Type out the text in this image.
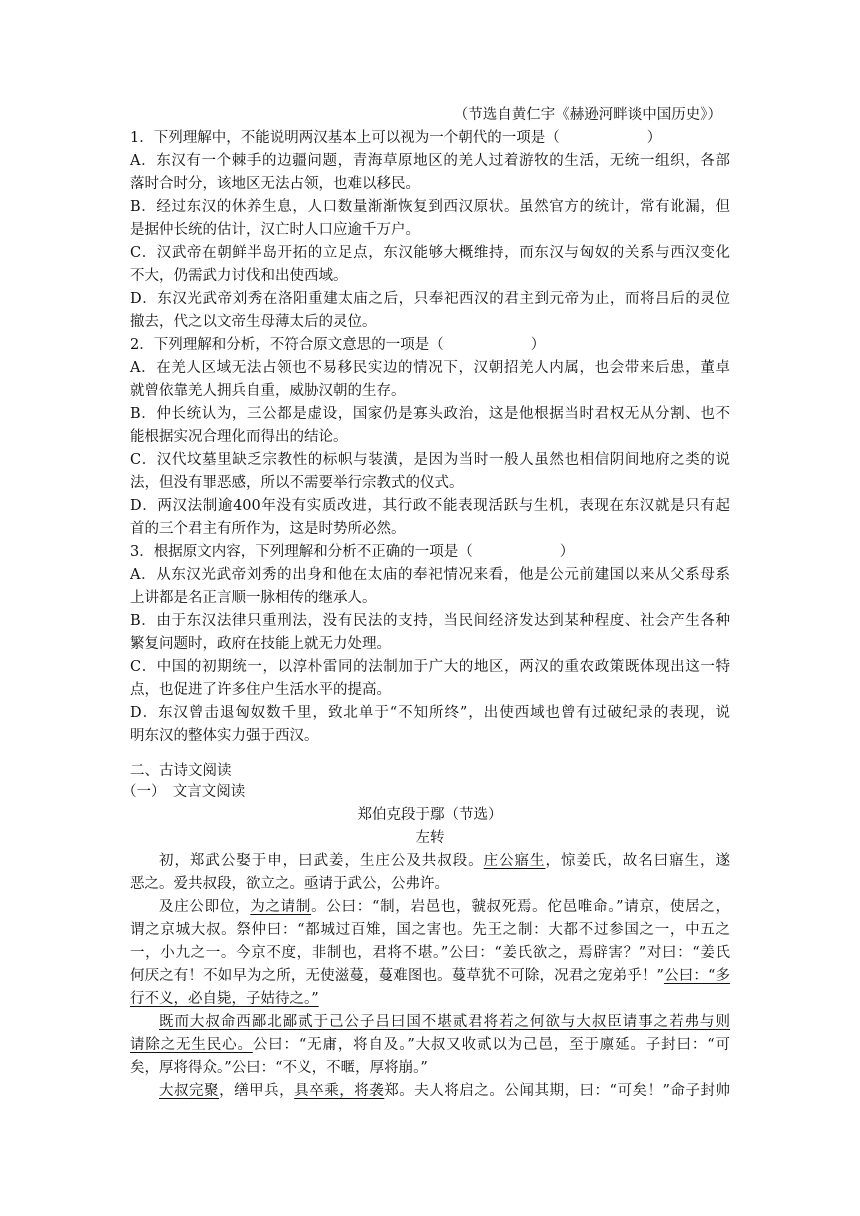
（节选自黄仁宇《赫逊河畔谈中国历史》）
1．下列理解中，不能说明两汉基本上可以视为一个朝代的一项是（　　　　　　）
A．东汉有一个棘手的边疆问题，青海草原地区的羌人过着游牧的生活，无统一组织，各部
落时合时分，该地区无法占领，也难以移民。
B．经过东汉的休养生息，人口数量渐渐恢复到西汉原状。虽然官方的统计，常有讹漏，但
是据仲长统的估计，汉亡时人口应逾千万户。
C．汉武帝在朝鲜半岛开拓的立足点，东汉能够大概维持，而东汉与匈奴的关系与西汉变化
不大，仍需武力讨伐和出使西域。
D．东汉光武帝刘秀在洛阳重建太庙之后，只奉祀西汉的君主到元帝为止，而将吕后的灵位
撤去，代之以文帝生母薄太后的灵位。
2．下列理解和分析，不符合原文意思的一项是（　　　　　　）
A．在羌人区域无法占领也不易移民实边的情况下，汉朝招羌人内属，也会带来后患，董卓
就曾依靠羌人拥兵自重，威胁汉朝的生存。
B．仲长统认为，三公都是虚设，国家仍是寡头政治，这是他根据当时君权无从分割、也不
能根据实况合理化而得出的结论。
C．汉代坟墓里缺乏宗教性的标帜与装潢，是因为当时一般人虽然也相信阴间地府之类的说
法，但没有罪恶感，所以不需要举行宗教式的仪式。
D．两汉法制逾400年没有实质改进，其行政不能表现活跃与生机，表现在东汉就是只有起
首的三个君主有所作为，这是时势所必然。
3．根据原文内容，下列理解和分析不正确的一项是（　　　　　　）
A．从东汉光武帝刘秀的出身和他在太庙的奉祀情况来看，他是公元前建国以来从父系母系
上讲都是名正言顺一脉相传的继承人。
B．由于东汉法律只重刑法，没有民法的支持，当民间经济发达到某种程度、社会产生各种
繁复问题时，政府在技能上就无力处理。
C．中国的初期统一，以淳朴雷同的法制加于广大的地区，两汉的重农政策既体现出这一特
点，也促进了许多住户生活水平的提高。
D．东汉曾击退匈奴数千里，致北单于“不知所终”，出使西域也曾有过破纪录的表现，说
明东汉的整体实力强于西汉。
二、古诗文阅读
（一）　文言文阅读
郑伯克段于鄢（节选）
左转
初，郑武公娶于申，曰武姜，生庄公及共叔段。庄公寤生，惊姜氏，故名曰寤生，遂
恶之。爱共叔段，欲立之。亟请于武公，公弗许。
及庄公即位，为之请制。公曰：“制，岩邑也，虢叔死焉。佗邑唯命。”请京，使居之，
谓之京城大叔。祭仲曰：“都城过百雉，国之害也。先王之制：大都不过参国之一，中五之
一，小九之一。今京不度，非制也，君将不堪。”公曰：“姜氏欲之，焉辟害？”对曰：“姜氏
何厌之有！不如早为之所，无使滋蔓，蔓难图也。蔓草犹不可除，况君之宠弟乎！”公曰：“多
行不义，必自毙，子姑待之。”
既而大叔命西鄙北鄙贰于己公子吕曰国不堪贰君将若之何欲与大叔臣请事之若弗与则
请除之无生民心。公曰：“无庸，将自及。”大叔又收贰以为己邑，至于廪延。子封曰：“可
矣，厚将得众。”公曰：“不义，不暱，厚将崩。”
大叔完聚，缮甲兵，具卒乘，将袭郑。夫人将启之。公闻其期，曰：“可矣！”命子封帅
